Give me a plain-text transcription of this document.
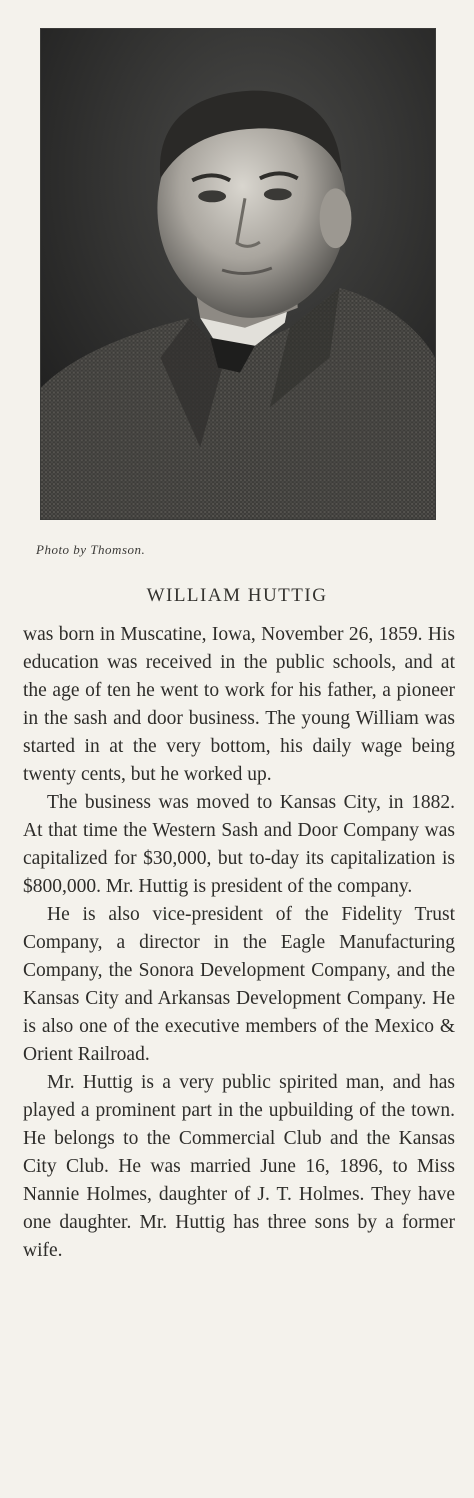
Photo by Thomson.
WILLIAM HUTTIG

was born in Muscatine, Iowa, November 26, 1859. His education was received in the public schools, and at the age of ten he went to work for his father, a pioneer in the sash and door business. The young William was started in at the very bottom, his daily wage being twenty cents, but he worked up.

The business was moved to Kansas City, in 1882. At that time the Western Sash and Door Company was capitalized for $30,000, but to-day its capitalization is $800,000. Mr. Huttig is president of the company.

He is also vice-president of the Fidelity Trust Company, a director in the Eagle Manufacturing Company, the Sonora Development Company, and the Kansas City and Arkansas Development Company. He is also one of the executive members of the Mexico & Orient Railroad.

Mr. Huttig is a very public spirited man, and has played a prominent part in the upbuilding of the town. He belongs to the Commercial Club and the Kansas City Club. He was married June 16, 1896, to Miss Nannie Holmes, daughter of J. T. Holmes. They have one daughter. Mr. Huttig has three sons by a former wife.
